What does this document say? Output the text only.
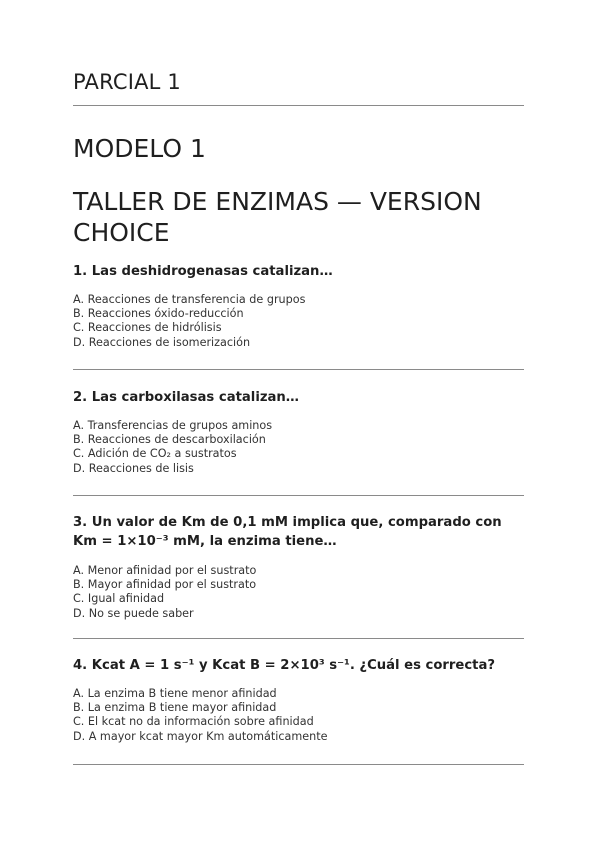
PARCIAL 1
MODELO 1
TALLER DE ENZIMAS — VERSION CHOICE

1. Las deshidrogenasas catalizan…

A. Reacciones de transferencia de grupos
B. Reacciones óxido-reducción
C. Reacciones de hidrólisis
D. Reacciones de isomerización

2. Las carboxilasas catalizan…

A. Transferencias de grupos aminos
B. Reacciones de descarboxilación
C. Adición de CO₂ a sustratos
D. Reacciones de lisis

3. Un valor de Km de 0,1 mM implica que, comparado con Km = 1×10⁻³ mM, la enzima tiene…

A. Menor afinidad por el sustrato
B. Mayor afinidad por el sustrato
C. Igual afinidad
D. No se puede saber

4. Kcat A = 1 s⁻¹ y Kcat B = 2×10³ s⁻¹. ¿Cuál es correcta?

A. La enzima B tiene menor afinidad
B. La enzima B tiene mayor afinidad
C. El kcat no da información sobre afinidad
D. A mayor kcat mayor Km automáticamente
